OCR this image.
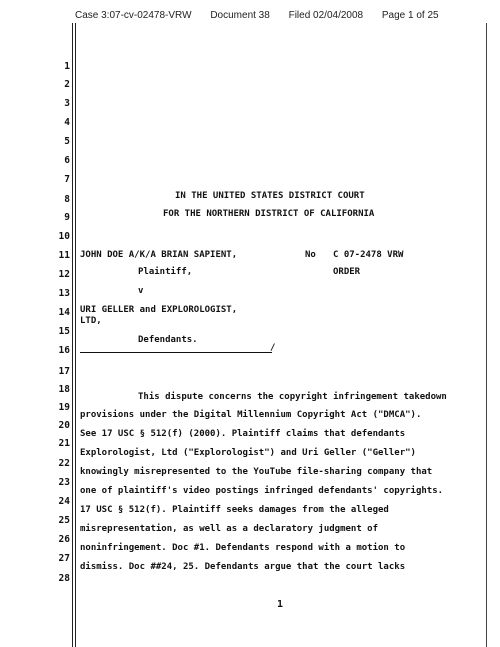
Case 3:07-cv-02478-VRW Document 38 Filed 02/04/2008 Page 1 of 25
1
2
3
4
5
6
7
8
9
10
11
12
13
14
15
16
17
18
19
20
21
22
23
24
25
26
27
28
IN THE UNITED STATES DISTRICT COURT
FOR THE NORTHERN DISTRICT OF CALIFORNIA
JOHN DOE A/K/A BRIAN SAPIENT,
Plaintiff,
v
URI GELLER and EXPLOROLOGIST,
LTD,
Defendants.
/
No C 07-2478 VRW
ORDER
This dispute concerns the copyright infringement takedown
provisions under the Digital Millennium Copyright Act ("DMCA").
See 17 USC § 512(f) (2000). Plaintiff claims that defendants
Explorologist, Ltd ("Explorologist") and Uri Geller ("Geller")
knowingly misrepresented to the YouTube file-sharing company that
one of plaintiff's video postings infringed defendants' copyrights.
17 USC § 512(f). Plaintiff seeks damages from the alleged
misrepresentation, as well as a declaratory judgment of
noninfringement. Doc #1. Defendants respond with a motion to
dismiss. Doc ##24, 25. Defendants argue that the court lacks
1
